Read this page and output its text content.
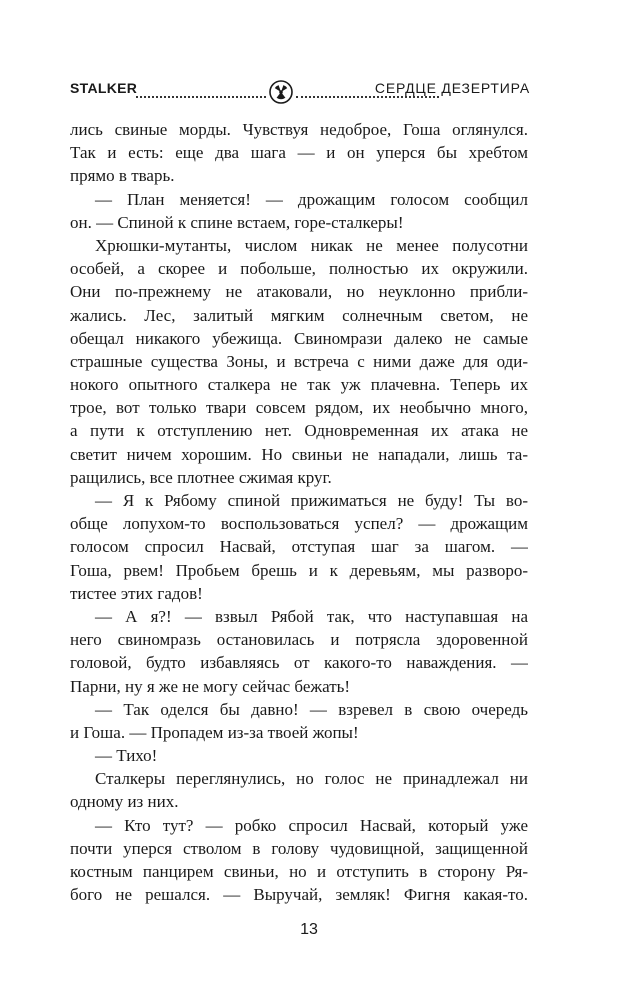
STALKER	СЕРДЦЕ ДЕЗЕРТИРА
лись свиные морды. Чувствуя недоброе, Гоша оглянулся.
Так и есть: еще два шага — и он уперся бы хребтом
прямо в тварь.
— План меняется! — дрожащим голосом сообщил
он. — Спиной к спине встаем, горе-сталкеры!
Хрюшки-мутанты, числом никак не менее полусотни
особей, а скорее и побольше, полностью их окружили.
Они по-прежнему не атаковали, но неуклонно прибли-
жались. Лес, залитый мягким солнечным светом, не
обещал никакого убежища. Свиномрази далеко не самые
страшные существа Зоны, и встреча с ними даже для оди-
нокого опытного сталкера не так уж плачевна. Теперь их
трое, вот только твари совсем рядом, их необычно много,
а пути к отступлению нет. Одновременная их атака не
светит ничем хорошим. Но свиньи не нападали, лишь та-
ращились, все плотнее сжимая круг.
— Я к Рябому спиной прижиматься не буду! Ты во-
обще лопухом-то воспользоваться успел? — дрожащим
голосом спросил Насвай, отступая шаг за шагом. —
Гоша, рвем! Пробьем брешь и к деревьям, мы разворо-
тистее этих гадов!
— А я?! — взвыл Рябой так, что наступавшая на
него свиномразь остановилась и потрясла здоровенной
головой, будто избавляясь от какого-то наваждения. —
Парни, ну я же не могу сейчас бежать!
— Так оделся бы давно! — взревел в свою очередь
и Гоша. — Пропадем из-за твоей жопы!
— Тихо!
Сталкеры переглянулись, но голос не принадлежал ни
одному из них.
— Кто тут? — робко спросил Насвай, который уже
почти уперся стволом в голову чудовищной, защищенной
костным панцирем свиньи, но и отступить в сторону Ря-
бого не решался. — Выручай, земляк! Фигня какая-то.
13
